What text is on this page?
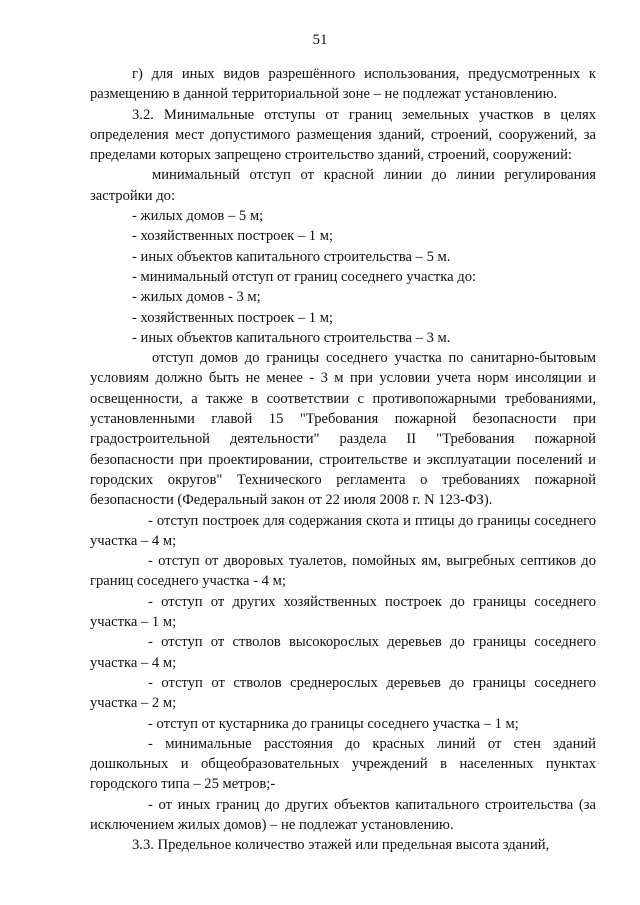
51

г) для иных видов разрешённого использования, предусмотренных к размещению в данной территориальной зоне – не подлежат установлению.

3.2. Минимальные отступы от границ земельных участков в целях определения мест допустимого размещения зданий, строений, сооружений, за пределами которых запрещено строительство зданий, строений, сооружений:

минимальный отступ от красной линии до линии регулирования застройки до:

- жилых домов – 5 м;

- хозяйственных построек – 1 м;

- иных объектов капитального строительства – 5 м.

- минимальный отступ от границ соседнего участка до:

- жилых домов - 3 м;

- хозяйственных построек – 1 м;

- иных объектов капитального строительства – 3 м.

отступ домов до границы соседнего участка по санитарно-бытовым условиям должно быть не менее - 3 м при условии учета норм инсоляции и освещенности, а также в соответствии с противопожарными требованиями, установленными главой 15 "Требования пожарной безопасности при градостроительной деятельности" раздела II "Требования пожарной безопасности при проектировании, строительстве и эксплуатации поселений и городских округов" Технического регламента о требованиях пожарной безопасности (Федеральный закон от 22 июля 2008 г. N 123-ФЗ).

- отступ построек для содержания скота и птицы до границы соседнего участка – 4 м;

- отступ от дворовых туалетов, помойных ям, выгребных септиков до границ соседнего участка - 4 м;

- отступ от других хозяйственных построек до границы соседнего участка – 1 м;

- отступ от стволов высокорослых деревьев до границы соседнего участка – 4 м;

- отступ от стволов среднерослых деревьев до границы соседнего участка – 2 м;

- отступ от кустарника до границы соседнего участка – 1 м;

- минимальные расстояния до красных линий от стен зданий дошкольных и общеобразовательных учреждений в населенных пунктах городского типа – 25 метров;-

- от иных границ до других объектов капитального строительства (за исключением жилых домов) – не подлежат установлению.

3.3. Предельное количество этажей или предельная высота зданий,
